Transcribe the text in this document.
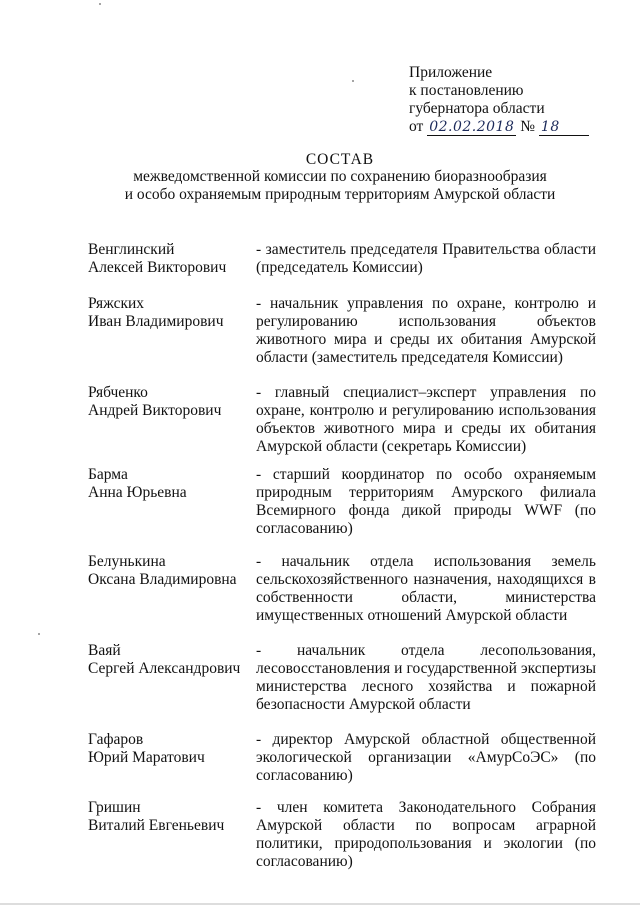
Приложение
к постановлению
губернатора области
от 02.02.2018 № 18
СОСТАВ
межведомственной комиссии по сохранению биоразнообразия
и особо охраняемым природным территориям Амурской области
Венглинский
Алексей Викторович
- заместитель председателя Правительства области (председатель Комиссии)
Ряжских
Иван Владимирович
- начальник управления по охране, контролю и регулированию использования объектов животного мира и среды их обитания Амурской области (заместитель председателя Комиссии)
Рябченко
Андрей Викторович
- главный специалист–эксперт управления по охране, контролю и регулированию использования объектов животного мира и среды их обитания Амурской области (секретарь Комиссии)
Барма
Анна Юрьевна
- старший координатор по особо охраняемым природным территориям Амурского филиала Всемирного фонда дикой природы WWF (по согласованию)
Белунькина
Оксана Владимировна
- начальник отдела использования земель сельскохозяйственного назначения, находящихся в собственности области, министерства имущественных отношений Амурской области
Ваяй
Сергей Александрович
- начальник отдела лесопользования, лесовосстановления и государственной экспертизы министерства лесного хозяйства и пожарной безопасности Амурской области
Гафаров
Юрий Маратович
- директор Амурской областной общественной экологической организации «АмурСоЭС» (по согласованию)
Гришин
Виталий Евгеньевич
- член комитета Законодательного Собрания Амурской области по вопросам аграрной политики, природопользования и экологии (по согласованию)
